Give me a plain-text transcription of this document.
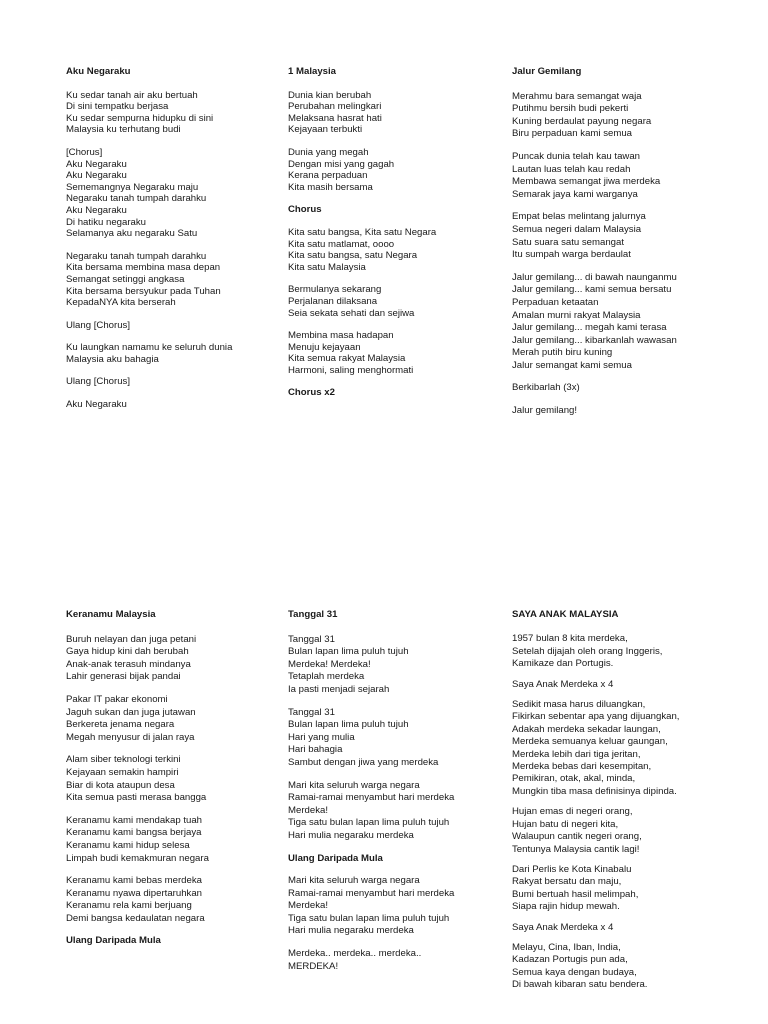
Aku Negaraku
Ku sedar tanah air aku bertuah
Di sini tempatku berjasa
Ku sedar sempurna hidupku di sini
Malaysia ku terhutang budi
[Chorus]
Aku Negaraku
Aku Negaraku
Sememangnya Negaraku maju
Negaraku tanah tumpah darahku
Aku Negaraku
Di hatiku negaraku
Selamanya aku negaraku Satu
Negaraku tanah tumpah darahku
Kita bersama membina masa depan
Semangat setinggi angkasa
Kita bersama bersyukur pada Tuhan
KepadaNYA kita berserah
Ulang [Chorus]
Ku laungkan namamu ke seluruh dunia
Malaysia aku bahagia
Ulang [Chorus]
Aku Negaraku
1 Malaysia
Dunia kian berubah
Perubahan melingkari
Melaksana hasrat hati
Kejayaan terbukti
Dunia yang megah
Dengan misi yang gagah
Kerana perpaduan
Kita masih bersama
Chorus
Kita satu bangsa, Kita satu Negara
Kita satu matlamat, oooo
Kita satu bangsa, satu Negara
Kita satu Malaysia
Bermulanya sekarang
Perjalanan dilaksana
Seia sekata sehati dan sejiwa
Membina masa hadapan
Menuju kejayaan
Kita semua rakyat Malaysia
Harmoni, saling menghormati
Chorus x2
Jalur Gemilang
Merahmu bara semangat waja
Putihmu bersih budi pekerti
Kuning berdaulat payung negara
Biru perpaduan kami semua
Puncak dunia telah kau tawan
Lautan luas telah kau redah
Membawa semangat jiwa merdeka
Semarak jaya kami warganya
Empat belas melintang jalurnya
Semua negeri dalam Malaysia
Satu suara satu semangat
Itu sumpah warga berdaulat
Jalur gemilang... di bawah naunganmu
Jalur gemilang... kami semua bersatu
Perpaduan ketaatan
Amalan murni rakyat Malaysia
Jalur gemilang... megah kami terasa
Jalur gemilang... kibarkanlah wawasan
Merah putih biru kuning
Jalur semangat kami semua
Berkibarlah (3x)
Jalur gemilang!
Keranamu Malaysia
Buruh nelayan dan juga petani
Gaya hidup kini dah berubah
Anak-anak terasuh mindanya
Lahir generasi bijak pandai
Pakar IT pakar ekonomi
Jaguh sukan dan juga jutawan
Berkereta jenama negara
Megah menyusur di jalan raya
Alam siber teknologi terkini
Kejayaan semakin hampiri
Biar di kota ataupun desa
Kita semua pasti merasa bangga
Keranamu kami mendakap tuah
Keranamu kami bangsa berjaya
Keranamu kami hidup selesa
Limpah budi kemakmuran negara
Keranamu kami bebas merdeka
Keranamu nyawa dipertaruhkan
Keranamu rela kami berjuang
Demi bangsa kedaulatan negara
Ulang Daripada Mula
Tanggal 31
Tanggal 31
Bulan lapan lima puluh tujuh
Merdeka! Merdeka!
Tetaplah merdeka
Ia pasti menjadi sejarah
Tanggal 31
Bulan lapan lima puluh tujuh
Hari yang mulia
Hari bahagia
Sambut dengan jiwa yang merdeka
Mari kita seluruh warga negara
Ramai-ramai menyambut hari merdeka
Merdeka!
Tiga satu bulan lapan lima puluh tujuh
Hari mulia negaraku merdeka
Ulang Daripada Mula
Mari kita seluruh warga negara
Ramai-ramai menyambut hari merdeka
Merdeka!
Tiga satu bulan lapan lima puluh tujuh
Hari mulia negaraku merdeka
Merdeka.. merdeka.. merdeka..
MERDEKA!
SAYA ANAK MALAYSIA
1957 bulan 8 kita merdeka,
Setelah dijajah oleh orang Inggeris,
Kamikaze dan Portugis.
Saya Anak Merdeka x 4
Sedikit masa harus diluangkan,
Fikirkan sebentar apa yang dijuangkan,
Adakah merdeka sekadar laungan,
Merdeka semuanya keluar gaungan,
Merdeka lebih dari tiga jeritan,
Merdeka bebas dari kesempitan,
Pemikiran, otak, akal, minda,
Mungkin tiba masa definisinya dipinda.
Hujan emas di negeri orang,
Hujan batu di negeri kita,
Walaupun cantik negeri orang,
Tentunya Malaysia cantik lagi!
Dari Perlis ke Kota Kinabalu
Rakyat bersatu dan maju,
Bumi bertuah hasil melimpah,
Siapa rajin hidup mewah.
Saya Anak Merdeka x 4
Melayu, Cina, Iban, India,
Kadazan Portugis pun ada,
Semua kaya dengan budaya,
Di bawah kibaran satu bendera.
